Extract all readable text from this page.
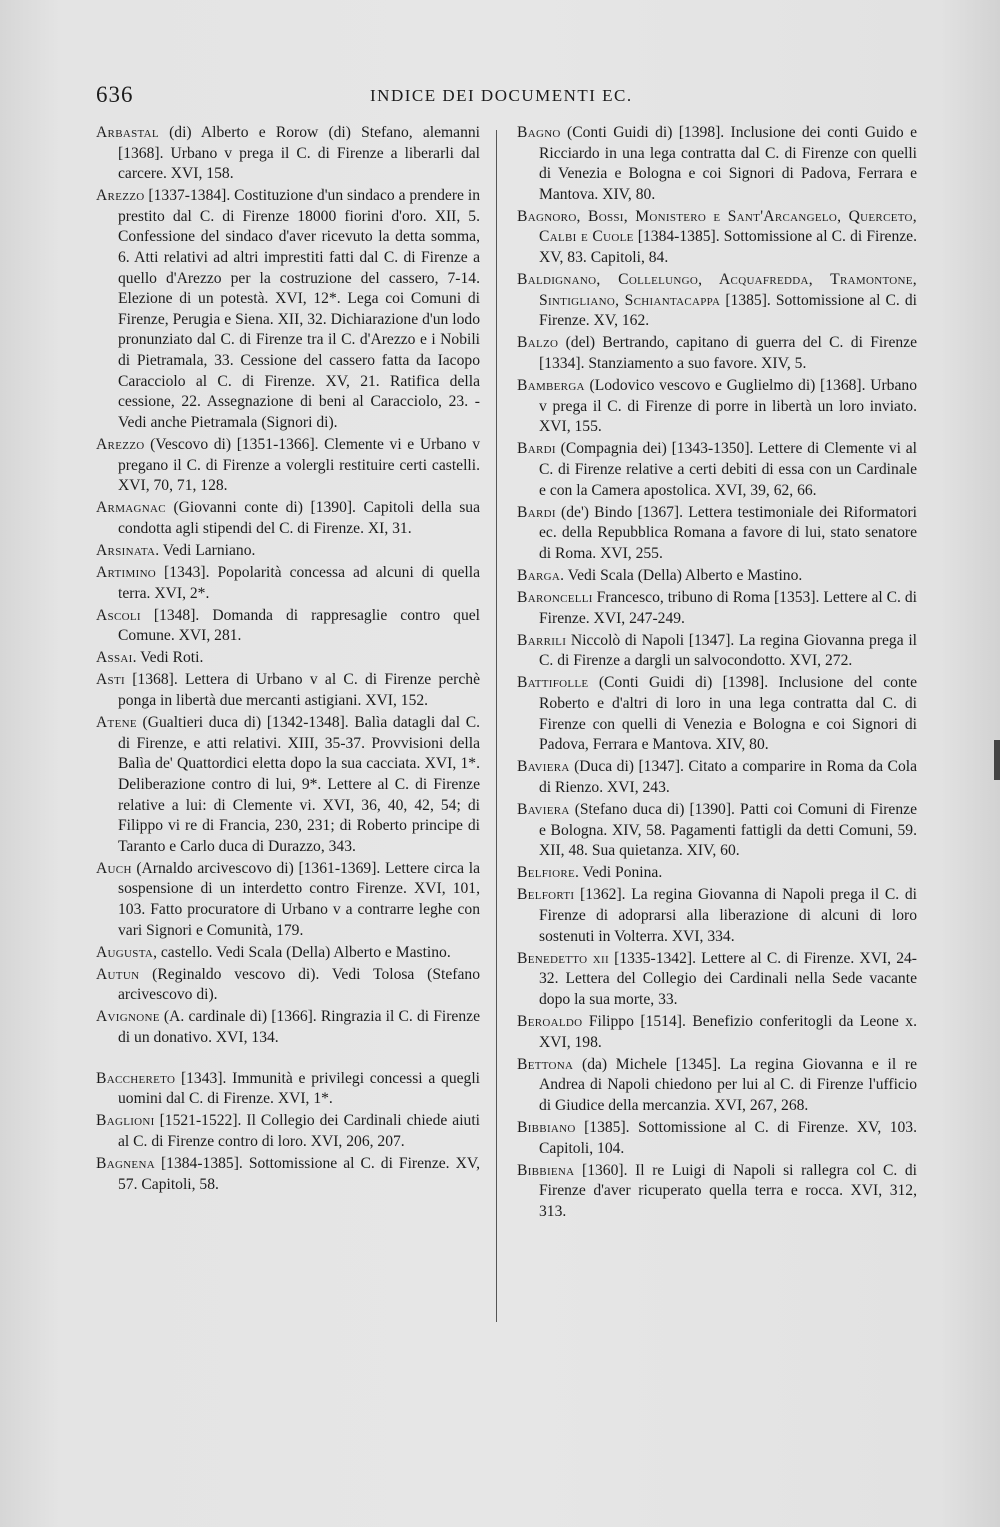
636	INDICE DEI DOCUMENTI EC.

Arbastal (di) Alberto e Rorow (di) Stefano, alemanni [1368]. Urbano v prega il C. di Firenze a liberarli dal carcere. XVI, 158.

Arezzo [1337-1384]. Costituzione d'un sindaco a prendere in prestito dal C. di Firenze 18000 fiorini d'oro. XII, 5. Confessione del sindaco d'aver ricevuto la detta somma, 6. Atti relativi ad altri imprestiti fatti dal C. di Firenze a quello d'Arezzo per la costruzione del cassero, 7-14. Elezione di un potestà. XVI, 12*. Lega coi Comuni di Firenze, Perugia e Siena. XII, 32. Dichiarazione d'un lodo pronunziato dal C. di Firenze tra il C. d'Arezzo e i Nobili di Pietramala, 33. Cessione del cassero fatta da Iacopo Caracciolo al C. di Firenze. XV, 21. Ratifica della cessione, 22. Assegnazione di beni al Caracciolo, 23. - Vedi anche Pietramala (Signori di).

Arezzo (Vescovo di) [1351-1366]. Clemente vi e Urbano v pregano il C. di Firenze a volergli restituire certi castelli. XVI, 70, 71, 128.

Armagnac (Giovanni conte di) [1390]. Capitoli della sua condotta agli stipendi del C. di Firenze. XI, 31.

Arsinata. Vedi Larniano.

Artimino [1343]. Popolarità concessa ad alcuni di quella terra. XVI, 2*.

Ascoli [1348]. Domanda di rappresaglie contro quel Comune. XVI, 281.

Assai. Vedi Roti.

Asti [1368]. Lettera di Urbano v al C. di Firenze perchè ponga in libertà due mercanti astigiani. XVI, 152.

Atene (Gualtieri duca di) [1342-1348]. Balìa datagli dal C. di Firenze, e atti relativi. XIII, 35-37. Provvisioni della Balìa de' Quattordici eletta dopo la sua cacciata. XVI, 1*. Deliberazione contro di lui, 9*. Lettere al C. di Firenze relative a lui: di Clemente vi. XVI, 36, 40, 42, 54; di Filippo vi re di Francia, 230, 231; di Roberto principe di Taranto e Carlo duca di Durazzo, 343.

Auch (Arnaldo arcivescovo di) [1361-1369]. Lettere circa la sospensione di un interdetto contro Firenze. XVI, 101, 103. Fatto procuratore di Urbano v a contrarre leghe con vari Signori e Comunità, 179.

Augusta, castello. Vedi Scala (Della) Alberto e Mastino.

Autun (Reginaldo vescovo di). Vedi Tolosa (Stefano arcivescovo di).

Avignone (A. cardinale di) [1366]. Ringrazia il C. di Firenze di un donativo. XVI, 134.

Bacchereto [1343]. Immunità e privilegi concessi a quegli uomini dal C. di Firenze. XVI, 1*.

Baglioni [1521-1522]. Il Collegio dei Cardinali chiede aiuti al C. di Firenze contro di loro. XVI, 206, 207.

Bagnena [1384-1385]. Sottomissione al C. di Firenze. XV, 57. Capitoli, 58.

Bagno (Conti Guidi di) [1398]. Inclusione dei conti Guido e Ricciardo in una lega contratta dal C. di Firenze con quelli di Venezia e Bologna e coi Signori di Padova, Ferrara e Mantova. XIV, 80.

Bagnoro, Bossi, Monistero e Sant'Arcangelo, Querceto, Calbi e Cuole [1384-1385]. Sottomissione al C. di Firenze. XV, 83. Capitoli, 84.

Baldignano, Collelungo, Acquafredda, Tramontone, Sintigliano, Schiantacappa [1385]. Sottomissione al C. di Firenze. XV, 162.

Balzo (del) Bertrando, capitano di guerra del C. di Firenze [1334]. Stanziamento a suo favore. XIV, 5.

Bamberga (Lodovico vescovo e Guglielmo di) [1368]. Urbano v prega il C. di Firenze di porre in libertà un loro inviato. XVI, 155.

Bardi (Compagnia dei) [1343-1350]. Lettere di Clemente vi al C. di Firenze relative a certi debiti di essa con un Cardinale e con la Camera apostolica. XVI, 39, 62, 66.

Bardi (de') Bindo [1367]. Lettera testimoniale dei Riformatori ec. della Repubblica Romana a favore di lui, stato senatore di Roma. XVI, 255.

Barga. Vedi Scala (Della) Alberto e Mastino.

Baroncelli Francesco, tribuno di Roma [1353]. Lettere al C. di Firenze. XVI, 247-249.

Barrili Niccolò di Napoli [1347]. La regina Giovanna prega il C. di Firenze a dargli un salvocondotto. XVI, 272.

Battifolle (Conti Guidi di) [1398]. Inclusione del conte Roberto e d'altri di loro in una lega contratta dal C. di Firenze con quelli di Venezia e Bologna e coi Signori di Padova, Ferrara e Mantova. XIV, 80.

Baviera (Duca di) [1347]. Citato a comparire in Roma da Cola di Rienzo. XVI, 243.

Baviera (Stefano duca di) [1390]. Patti coi Comuni di Firenze e Bologna. XIV, 58. Pagamenti fattigli da detti Comuni, 59. XII, 48. Sua quietanza. XIV, 60.

Belfiore. Vedi Ponina.

Belforti [1362]. La regina Giovanna di Napoli prega il C. di Firenze di adoprarsi alla liberazione di alcuni di loro sostenuti in Volterra. XVI, 334.

Benedetto xii [1335-1342]. Lettere al C. di Firenze. XVI, 24-32. Lettera del Collegio dei Cardinali nella Sede vacante dopo la sua morte, 33.

Beroaldo Filippo [1514]. Benefizio conferitogli da Leone x. XVI, 198.

Bettona (da) Michele [1345]. La regina Giovanna e il re Andrea di Napoli chiedono per lui al C. di Firenze l'ufficio di Giudice della mercanzia. XVI, 267, 268.

Bibbiano [1385]. Sottomissione al C. di Firenze. XV, 103. Capitoli, 104.

Bibbiena [1360]. Il re Luigi di Napoli si rallegra col C. di Firenze d'aver ricuperato quella terra e rocca. XVI, 312, 313.
